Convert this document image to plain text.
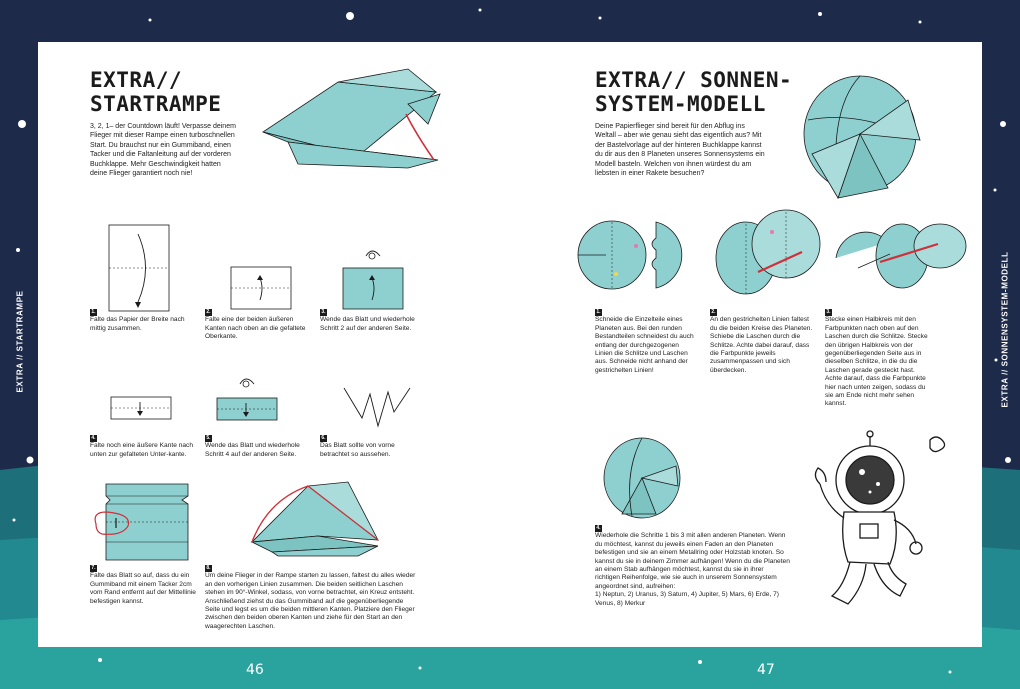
EXTRA // STARTRAMPE	EXTRA // SONNENSYSTEM-MODELL
EXTRA//
STARTRAMPE

3, 2, 1– der Countdown läuft! Verpasse deinem Flieger mit dieser Rampe einen turboschnellen Start. Du brauchst nur ein Gummiband, einen Tacker und die Faltanleitung auf der vorderen Buchklappe. Mehr Geschwindigkeit hatten deine Flieger garantiert noch nie!

1.
Falte das Papier der Breite nach mittig zusammen.
2.
Falte eine der beiden äußeren Kanten nach oben an die gefaltete Oberkante.
3.
Wende das Blatt und wiederhole Schritt 2 auf der anderen Seite.
4.
Falte noch eine äußere Kante nach unten zur gefalteten Unter-kante.
5.
Wende das Blatt und wiederhole Schritt 4 auf der anderen Seite.
6.
Das Blatt sollte von vorne betrachtet so aussehen.
7.
Falte das Blatt so auf, dass du ein Gummiband mit einem Tacker 2cm vom Rand entfernt auf der Mittellinie befestigen kannst.
8.
Um deine Flieger in der Rampe starten zu lassen, faltest du alles wieder an den vorherigen Linien zusammen. Die beiden seitlichen Laschen stehen im 90°-Winkel, sodass, von vorne betrachtet, ein Kreuz entsteht. Anschließend ziehst du das Gummiband auf die gegenüberliegende Seite und legst es um die beiden mittleren Kanten. Platziere den Flieger zwischen den beiden oberen Kanten und ziehe für den Start an den waagerechten Laschen.
EXTRA// SONNEN-
SYSTEM-MODELL

Deine Papierflieger sind bereit für den Abflug ins Weltall – aber wie genau sieht das eigentlich aus? Mit der Bastelvorlage auf der hinteren Buchklappe kannst du dir aus den 8 Planeten unseres Sonnensystems ein Modell basteln. Welchen von ihnen würdest du am liebsten in einer Rakete besuchen?

1.
Schneide die Einzelteile eines Planeten aus. Bei den runden Bestandteilen schneidest du auch entlang der durchgezogenen Linien die Schlitze und Laschen aus. Schneide nicht anhand der gestrichelten Linien!
2.
An den gestrichelten Linien faltest du die beiden Kreise des Planeten. Schiebe die Laschen durch die Schlitze. Achte dabei darauf, dass die Farbpunkte jeweils zusammenpassen und sich überdecken.
3.
Stecke einen Halbkreis mit den Farbpunkten nach oben auf den Laschen durch die Schlitze. Stecke den übrigen Halbkreis von der gegenüberliegenden Seite aus in dieselben Schlitze, in die du die Laschen gerade gesteckt hast. Achte darauf, dass die Farbpunkte hier nach unten zeigen, sodass du sie am Ende nicht mehr sehen kannst.
4.
Wiederhole die Schritte 1 bis 3 mit allen anderen Planeten. Wenn du möchtest, kannst du jeweils einen Faden an den Planeten befestigen und sie an einem Metallring oder Holzstab knoten. So kannst du sie in deinem Zimmer aufhängen! Wenn du die Planeten an einem Stab aufhängen möchtest, kannst du sie in ihrer richtigen Reihenfolge, wie sie auch in unserem Sonnensystem angeordnet sind, aufreihen:
1) Neptun, 2) Uranus, 3) Saturn, 4) Jupiter, 5) Mars, 6) Erde, 7) Venus, 8) Merkur
46	47
